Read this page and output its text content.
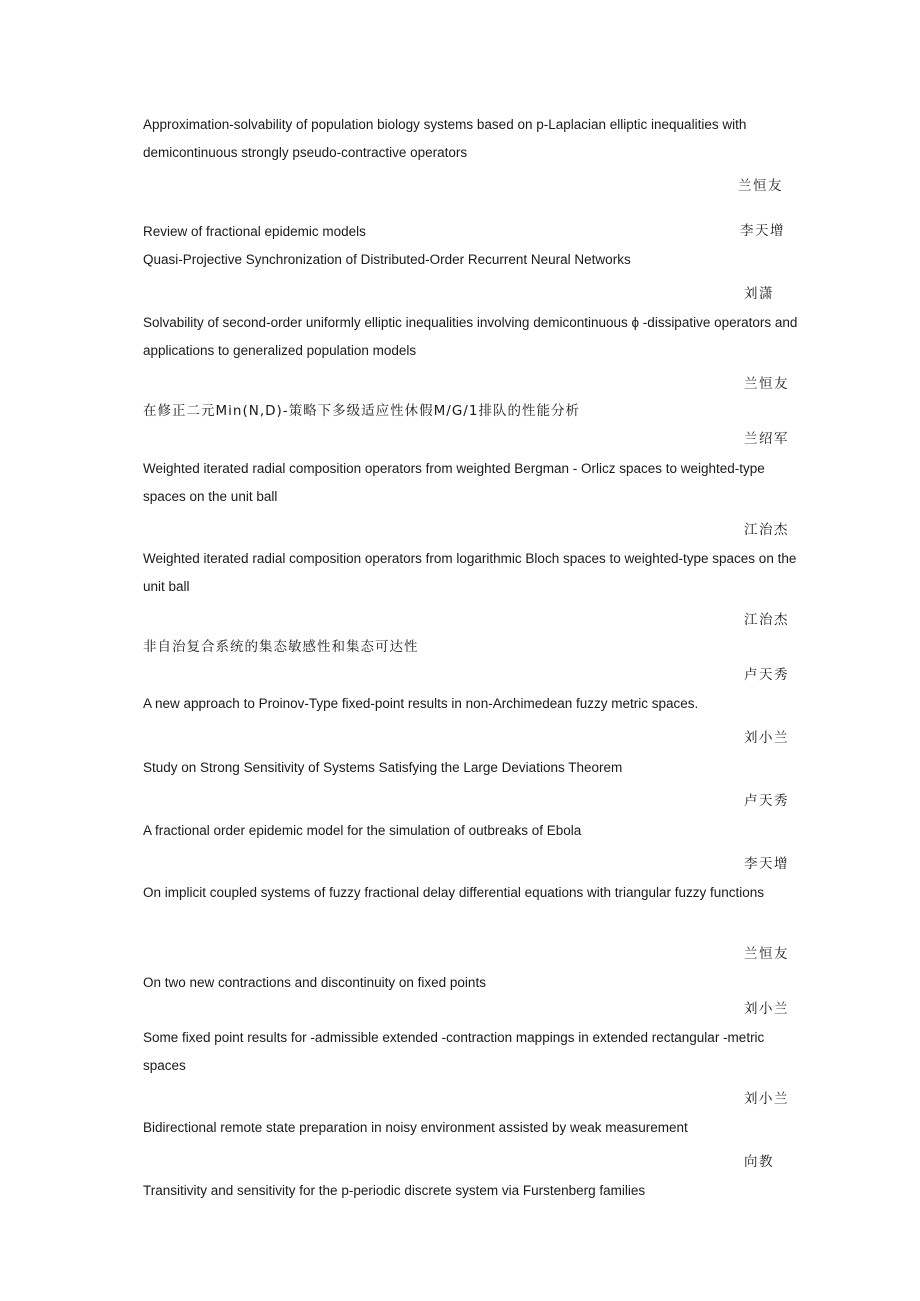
Approximation-solvability of population biology systems based on p-Laplacian elliptic inequalities with demicontinuous strongly pseudo-contractive operators
兰恒友
Review of fractional epidemic models	李天增
Quasi-Projective Synchronization of Distributed-Order Recurrent Neural Networks
刘潇
Solvability of second-order uniformly elliptic inequalities involving demicontinuous ϕ -dissipative operators and applications to generalized population models
兰恒友
在修正二元Min(N,D)-策略下多级适应性休假M/G/1排队的性能分析
兰绍军
Weighted iterated radial composition operators from weighted Bergman - Orlicz spaces to weighted-type spaces on the unit ball
江治杰
Weighted iterated radial composition operators from logarithmic Bloch spaces to weighted-type spaces on the unit ball
江治杰
非自治复合系统的集态敏感性和集态可达性
卢天秀
A new approach to Proinov-Type fixed-point results in non-Archimedean fuzzy metric spaces.
刘小兰
Study on Strong Sensitivity of Systems Satisfying the Large Deviations Theorem
卢天秀
A fractional order epidemic model for the simulation of outbreaks of Ebola
李天增
On implicit coupled systems of fuzzy fractional delay differential equations with triangular fuzzy functions
兰恒友
On two new contractions and discontinuity on fixed points
刘小兰
Some fixed point results for -admissible extended -contraction mappings in extended rectangular -metric spaces
刘小兰
Bidirectional remote state preparation in noisy environment assisted by weak measurement
向教
Transitivity and sensitivity for the p-periodic discrete system via Furstenberg families
